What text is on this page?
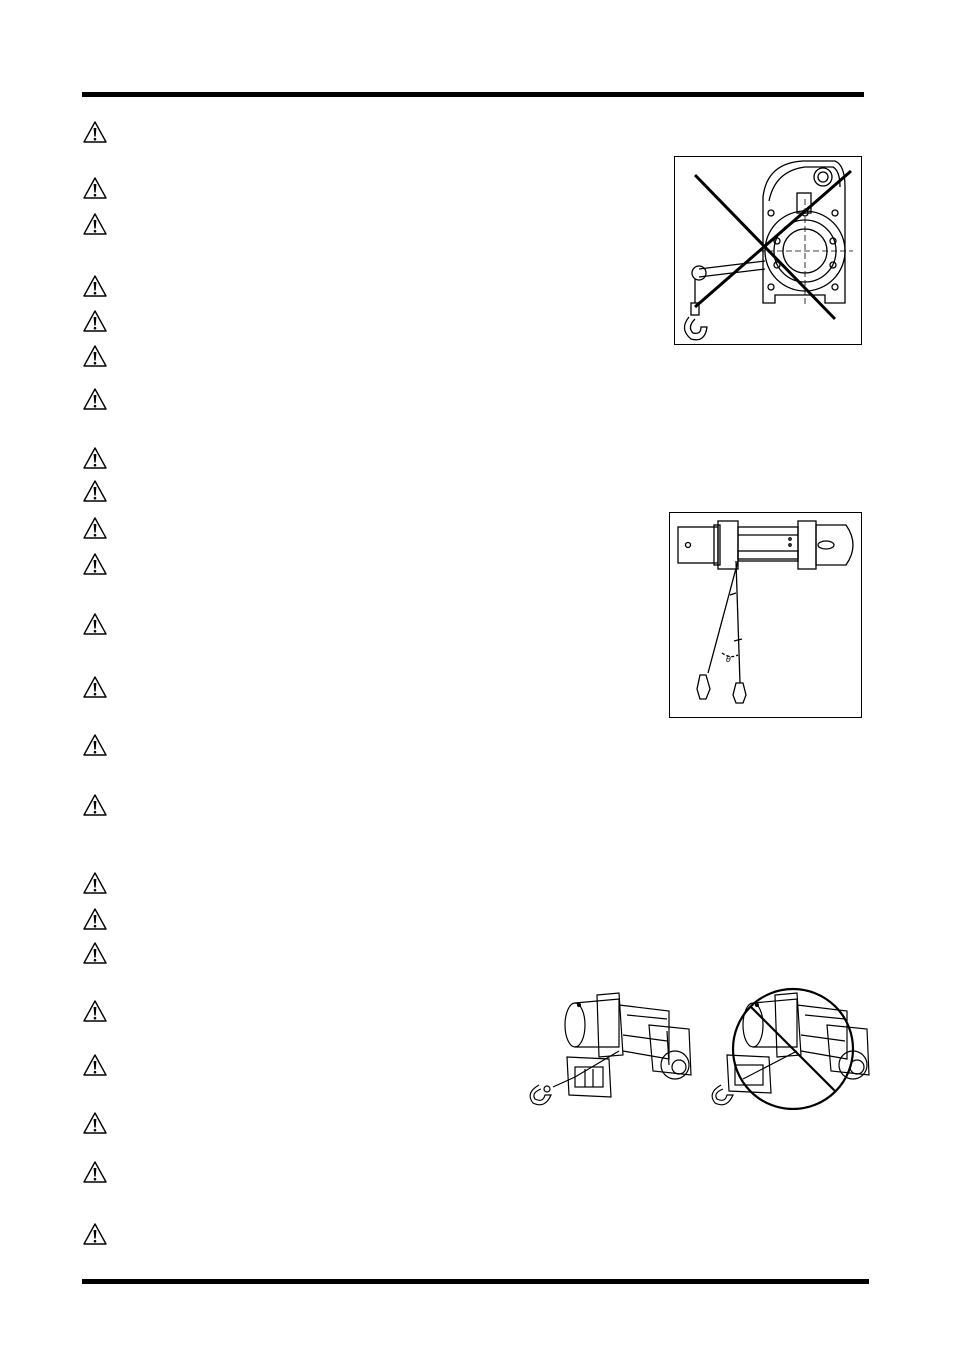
θ
